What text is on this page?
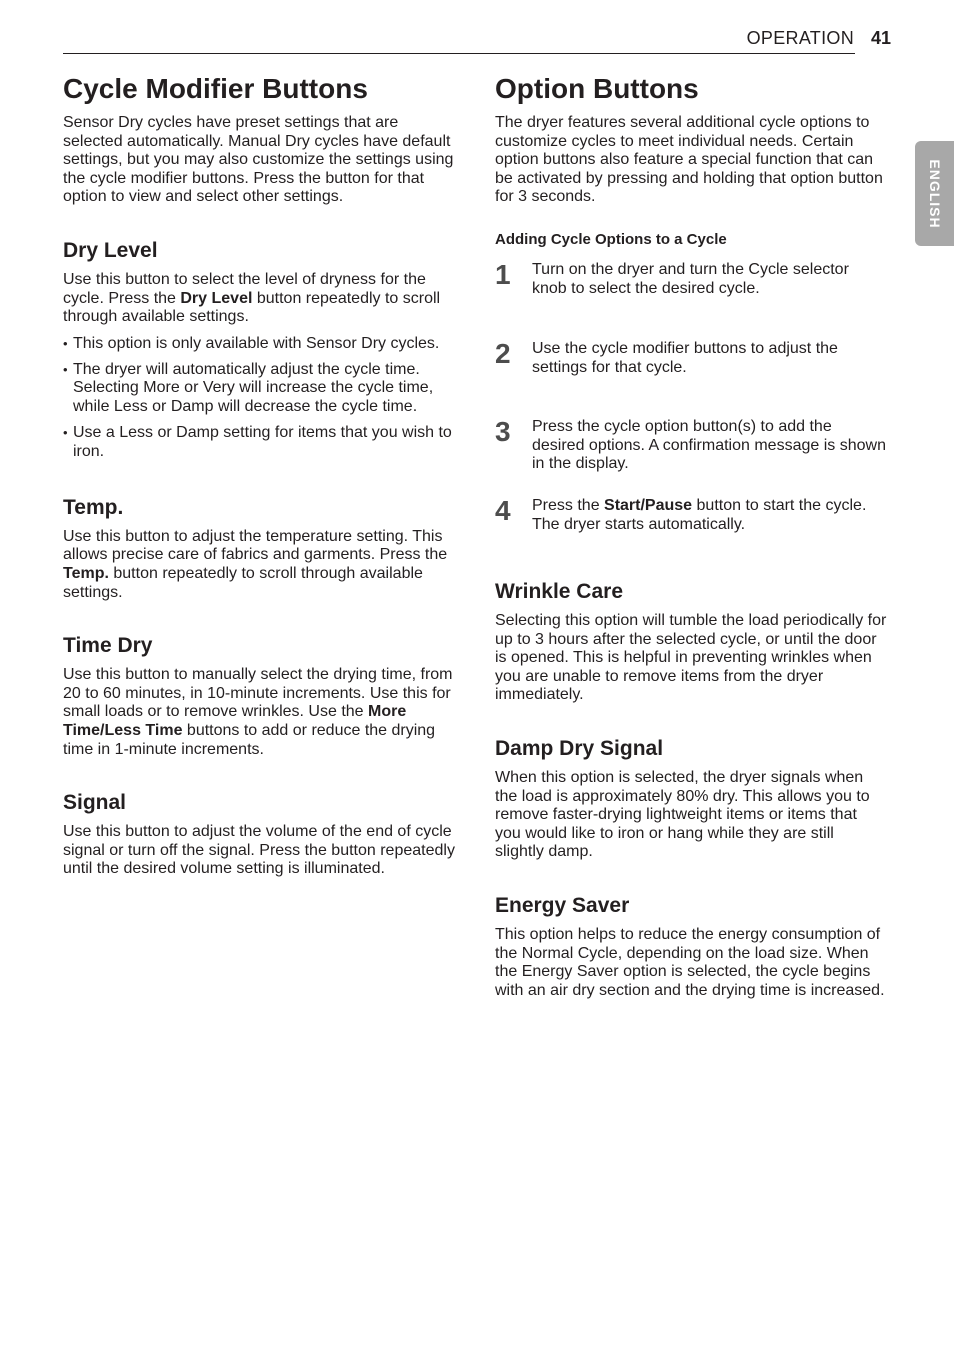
OPERATION 41
ENGLISH
Cycle Modifier Buttons

Sensor Dry cycles have preset settings that are selected automatically. Manual Dry cycles have default settings, but you may also customize the settings using the cycle modifier buttons. Press the button for that option to view and select other settings.

Dry Level

Use this button to select the level of dryness for the cycle. Press the Dry Level button repeatedly to scroll through available settings.

• This option is only available with Sensor Dry cycles.
• The dryer will automatically adjust the cycle time. Selecting More or Very will increase the cycle time, while Less or Damp will decrease the cycle time.
• Use a Less or Damp setting for items that you wish to iron.
Temp.

Use this button to adjust the temperature setting. This allows precise care of fabrics and garments. Press the Temp. button repeatedly to scroll through available settings.

Time Dry

Use this button to manually select the drying time, from 20 to 60 minutes, in 10-minute increments. Use this for small loads or to remove wrinkles. Use the More Time/Less Time buttons to add or reduce the drying time in 1-minute increments.

Signal

Use this button to adjust the volume of the end of cycle signal or turn off the signal. Press the button repeatedly until the desired volume setting is illuminated.

Option Buttons

The dryer features several additional cycle options to customize cycles to meet individual needs. Certain option buttons also feature a special function that can be activated by pressing and holding that option button for 3 seconds.

Adding Cycle Options to a Cycle
1 Turn on the dryer and turn the Cycle selector knob to select the desired cycle.

2 Use the cycle modifier buttons to adjust the settings for that cycle.

3 Press the cycle option button(s) to add the desired options. A confirmation message is shown in the display.

4 Press the Start/Pause button to start the cycle. The dryer starts automatically.

Wrinkle Care

Selecting this option will tumble the load periodically for up to 3 hours after the selected cycle, or until the door is opened. This is helpful in preventing wrinkles when you are unable to remove items from the dryer immediately.

Damp Dry Signal

When this option is selected, the dryer signals when the load is approximately 80% dry. This allows you to remove faster-drying lightweight items or items that you would like to iron or hang while they are still slightly damp.

Energy Saver

This option helps to reduce the energy consumption of the Normal Cycle, depending on the load size. When the Energy Saver option is selected, the cycle begins with an air dry section and the drying time is increased.
